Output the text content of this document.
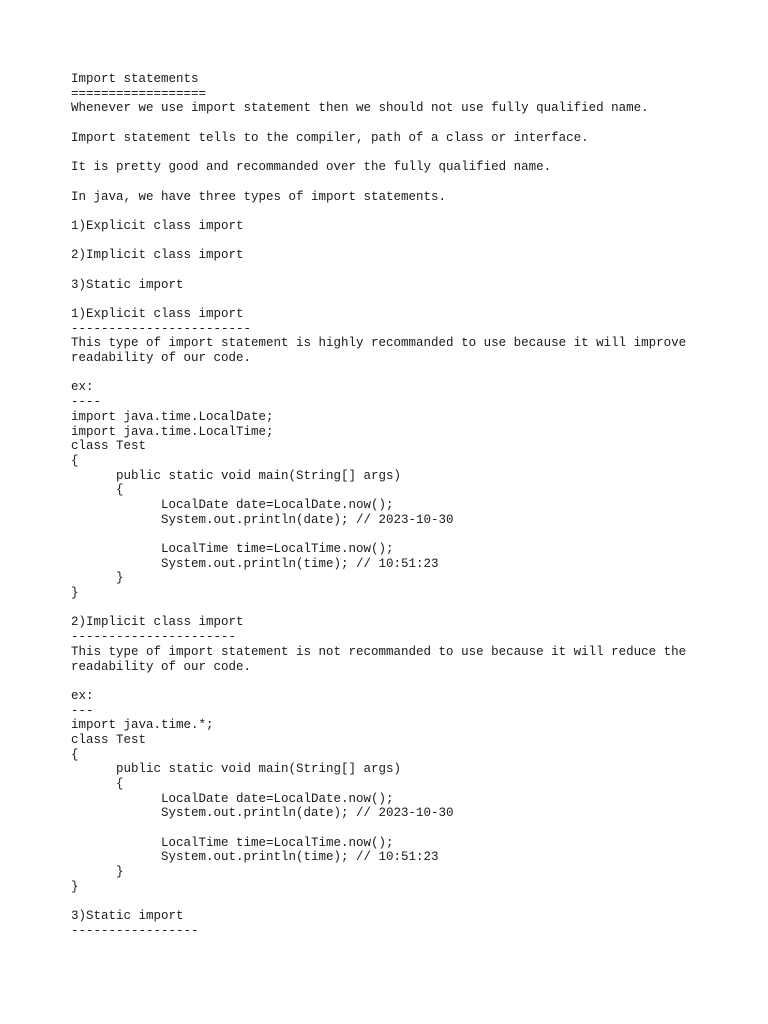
Import statements
==================
Whenever we use import statement then we should not use fully qualified name.
Import statement tells to the compiler, path of a class or interface.
It is pretty good and recommanded over the fully qualified name.
In java, we have three types of import statements.
1)Explicit class import
2)Implicit class import
3)Static import
1)Explicit class import
------------------------
This type of import statement is highly recommanded to use because it will improve
readability of our code.
ex:
----
import java.time.LocalDate;
import java.time.LocalTime;
class Test
{
public static void main(String[] args)
{
LocalDate date=LocalDate.now();
System.out.println(date); // 2023-10-30
LocalTime time=LocalTime.now();
System.out.println(time); // 10:51:23
}
}
2)Implicit class import
----------------------
This type of import statement is not recommanded to use because it will reduce the
readability of our code.
ex:
---
import java.time.*;
class Test
{
public static void main(String[] args)
{
LocalDate date=LocalDate.now();
System.out.println(date); // 2023-10-30
LocalTime time=LocalTime.now();
System.out.println(time); // 10:51:23
}
}
3)Static import
-----------------
